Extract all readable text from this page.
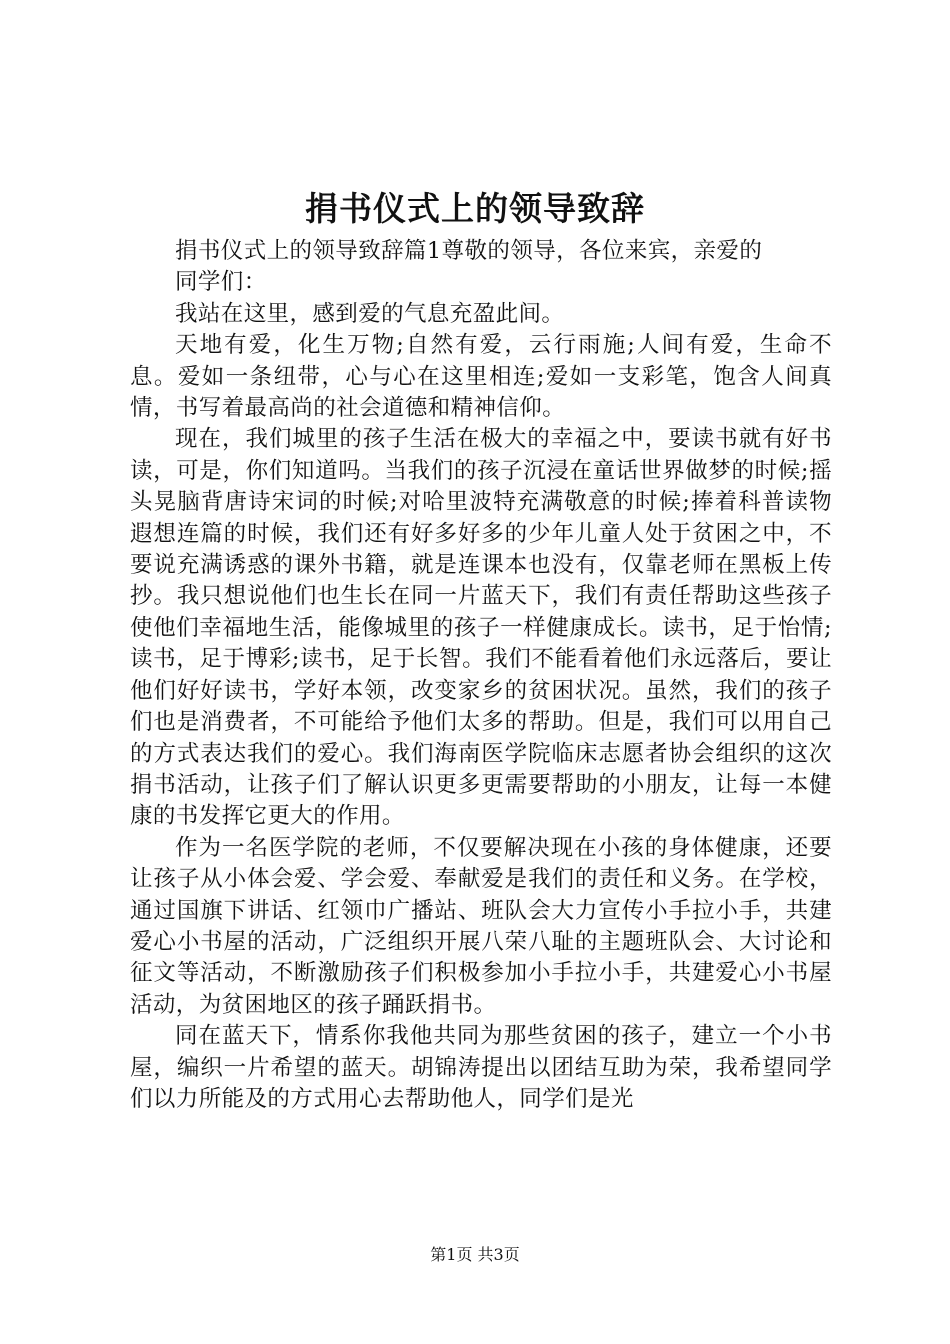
捐书仪式上的领导致辞

捐书仪式上的领导致辞篇1尊敬的领导，各位来宾，亲爱的

同学们：

我站在这里，感到爱的气息充盈此间。

天地有爱，化生万物;自然有爱，云行雨施;人间有爱，生命不息。爱如一条纽带，心与心在这里相连;爱如一支彩笔，饱含人间真情，书写着最高尚的社会道德和精神信仰。

现在，我们城里的孩子生活在极大的幸福之中，要读书就有好书读，可是，你们知道吗。当我们的孩子沉浸在童话世界做梦的时候;摇头晃脑背唐诗宋词的时候;对哈里波特充满敬意的时候;捧着科普读物遐想连篇的时候，我们还有好多好多的少年儿童人处于贫困之中，不要说充满诱惑的课外书籍，就是连课本也没有，仅靠老师在黑板上传抄。我只想说他们也生长在同一片蓝天下，我们有责任帮助这些孩子使他们幸福地生活，能像城里的孩子一样健康成长。读书，足于怡情;读书，足于博彩;读书，足于长智。我们不能看着他们永远落后，要让他们好好读书，学好本领，改变家乡的贫困状况。虽然，我们的孩子们也是消费者，不可能给予他们太多的帮助。但是，我们可以用自己的方式表达我们的爱心。我们海南医学院临床志愿者协会组织的这次捐书活动，让孩子们了解认识更多更需要帮助的小朋友，让每一本健康的书发挥它更大的作用。

作为一名医学院的老师，不仅要解决现在小孩的身体健康，还要让孩子从小体会爱、学会爱、奉献爱是我们的责任和义务。在学校，通过国旗下讲话、红领巾广播站、班队会大力宣传小手拉小手，共建爱心小书屋的活动，广泛组织开展八荣八耻的主题班队会、大讨论和征文等活动，不断激励孩子们积极参加小手拉小手，共建爱心小书屋活动，为贫困地区的孩子踊跃捐书。

同在蓝天下，情系你我他共同为那些贫困的孩子，建立一个小书屋，编织一片希望的蓝天。胡锦涛提出以团结互助为荣，我希望同学们以力所能及的方式用心去帮助他人，同学们是光

第1页 共3页
